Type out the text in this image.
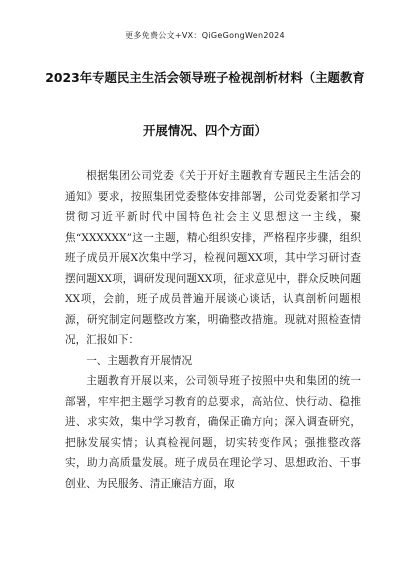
更多免费公文+VX：QiGeGongWen2024
2023年专题民主生活会领导班子检视剖析材料（主题教育
开展情况、四个方面）

根据集团公司党委《关于开好主题教育专题民主生活会的通知》要求，按照集团党委整体安排部署，公司党委紧扣学习贯彻习近平新时代中国特色社会主义思想这一主线，聚焦“XXXXXX”这一主题，精心组织安排，严格程序步骤，组织班子成员开展X次集中学习，检视问题XX项，其中学习研讨查摆问题XX项，调研发现问题XX项，征求意见中，群众反映问题XX项，会前，班子成员普遍开展谈心谈话，认真剖析问题根源，研究制定问题整改方案，明确整改措施。现就对照检查情况，汇报如下：

一、主题教育开展情况

主题教育开展以来，公司领导班子按照中央和集团的统一部署，牢牢把主题学习教育的总要求，高站位、快行动、稳推进、求实效，集中学习教育，确保正确方向；深入调查研究，把脉发展实情；认真检视问题，切实转变作风；强推整改落实，助力高质量发展。班子成员在理论学习、思想政治、干事创业、为民服务、清正廉洁方面，取
